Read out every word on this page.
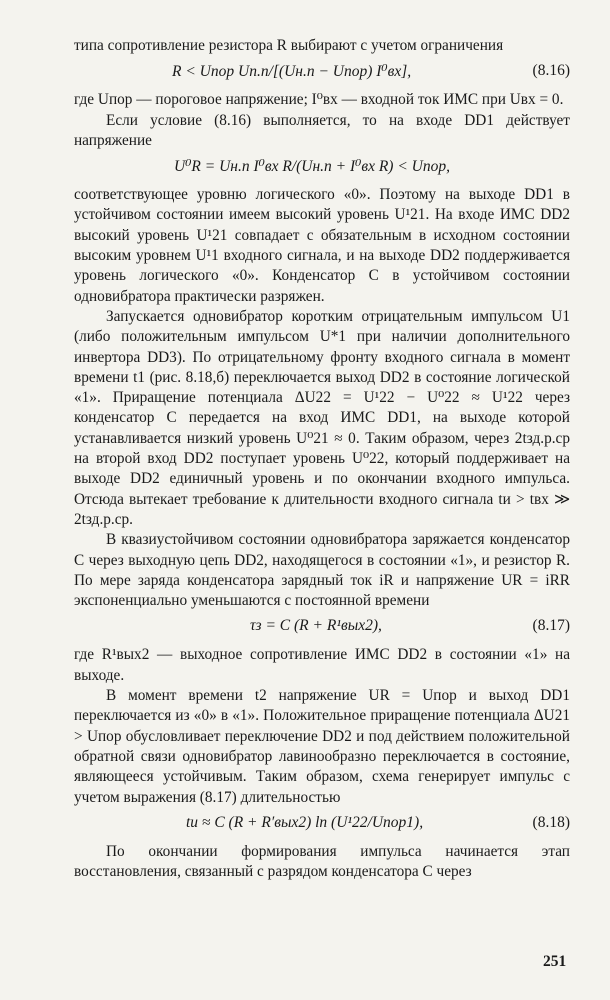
типа сопротивление резистора R выбирают с учетом ограничения

R < Uпор Uп.п/[(Uн.п − Uпор) I⁰вх],	(8.16)

где Uпор — пороговое напряжение; I⁰вх — входной ток ИМС при Uвх = 0.

Если условие (8.16) выполняется, то на входе DD1 действует напряжение

U⁰R = Uн.п I⁰вх R/(Uн.п + I⁰вх R) < Uпор,

соответствующее уровню логического «0». Поэтому на выходе DD1 в устойчивом состоянии имеем высокий уровень U¹21. На входе ИМС DD2 высокий уровень U¹21 совпадает с обязательным в исходном состоянии высоким уровнем U¹1 входного сигнала, и на выходе DD2 поддерживается уровень логического «0». Конденсатор C в устойчивом состоянии одновибратора практически разряжен.

Запускается одновибратор коротким отрицательным импульсом U1 (либо положительным импульсом U*1 при наличии дополнительного инвертора DD3). По отрицательному фронту входного сигнала в момент времени t1 (рис. 8.18,б) переключается выход DD2 в состояние логической «1». Приращение потенциала ΔU22 = U¹22 − U⁰22 ≈ U¹22 через конденсатор C передается на вход ИМС DD1, на выходе которой устанавливается низкий уровень U⁰21 ≈ 0. Таким образом, через 2tзд.р.ср на второй вход DD2 поступает уровень U⁰22, который поддерживает на выходе DD2 единичный уровень и по окончании входного импульса. Отсюда вытекает требование к длительности входного сигнала tи > tвх ≫ 2tзд.р.ср.

В квазиустойчивом состоянии одновибратора заряжается конденсатор C через выходную цепь DD2, находящегося в состоянии «1», и резистор R. По мере заряда конденсатора зарядный ток iR и напряжение UR = iRR экспоненциально уменьшаются с постоянной времени

τз = C (R + R¹вых2),	(8.17)

где R¹вых2 — выходное сопротивление ИМС DD2 в состоянии «1» на выходе.

В момент времени t2 напряжение UR = Uпор и выход DD1 переключается из «0» в «1». Положительное приращение потенциала ΔU21 > Uпор обусловливает переключение DD2 и под действием положительной обратной связи одновибратор лавинообразно переключается в состояние, являющееся устойчивым. Таким образом, схема генерирует импульс с учетом выражения (8.17) длительностью

tи ≈ C (R + R′вых2) ln (U¹22/Uпор1),	(8.18)

По окончании формирования импульса начинается этап восстановления, связанный с разрядом конденсатора C через

251
